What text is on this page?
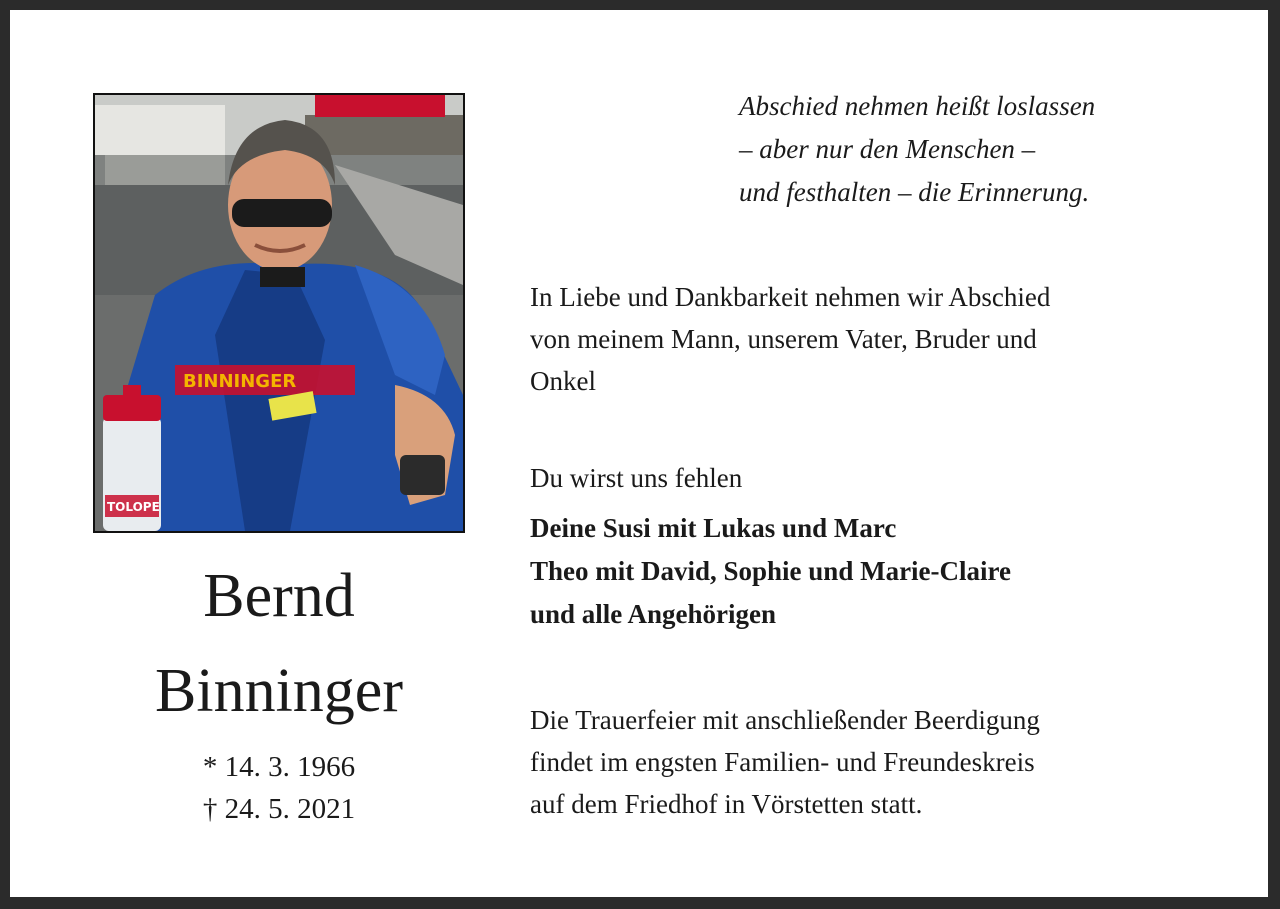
BINNINGER
TOLOPE
Bernd
Binninger
* 14. 3. 1966
† 24. 5. 2021
Abschied nehmen heißt loslassen
– aber nur den Menschen –
und festhalten – die Erinnerung.
In Liebe und Dankbarkeit nehmen wir Abschied
von meinem Mann, unserem Vater, Bruder und
Onkel
Du wirst uns fehlen
Deine Susi mit Lukas und Marc
Theo mit David, Sophie und Marie-Claire
und alle Angehörigen
Die Trauerfeier mit anschließender Beerdigung
findet im engsten Familien- und Freundeskreis
auf dem Friedhof in Vörstetten statt.
